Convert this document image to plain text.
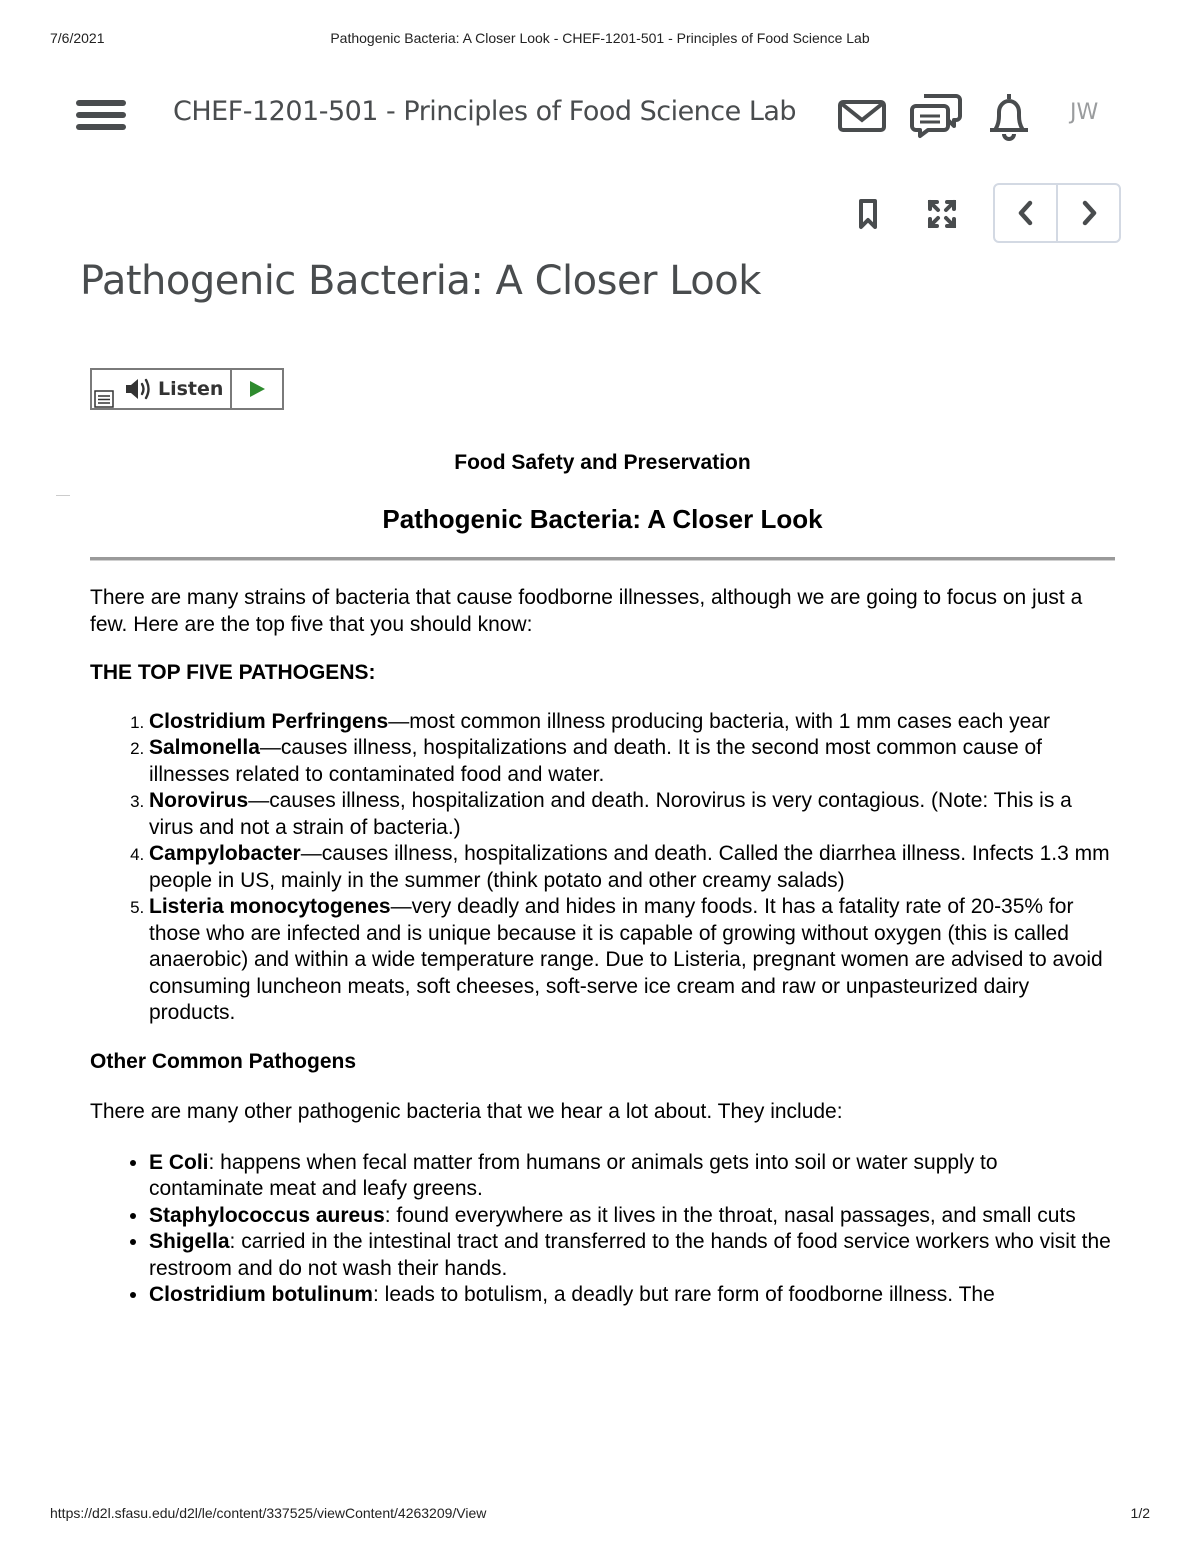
7/6/2021	Pathogenic Bacteria: A Closer Look - CHEF-1201-501 - Principles of Food Science Lab
CHEF-1201-501 - Principles of Food Science Lab	JW
Pathogenic Bacteria: A Closer Look
Listen

Food Safety and Preservation

Pathogenic Bacteria: A Closer Look

There are many strains of bacteria that cause foodborne illnesses, although we are going to focus on just a few. Here are the top five that you should know:

THE TOP FIVE PATHOGENS:

1. Clostridium Perfringens—most common illness producing bacteria, with 1 mm cases each year
2. Salmonella—causes illness, hospitalizations and death. It is the second most common cause of illnesses related to contaminated food and water.
3. Norovirus—causes illness, hospitalization and death. Norovirus is very contagious. (Note: This is a virus and not a strain of bacteria.)
4. Campylobacter—causes illness, hospitalizations and death. Called the diarrhea illness. Infects 1.3 mm people in US, mainly in the summer (think potato and other creamy salads)
5. Listeria monocytogenes—very deadly and hides in many foods. It has a fatality rate of 20-35% for those who are infected and is unique because it is capable of growing without oxygen (this is called anaerobic) and within a wide temperature range. Due to Listeria, pregnant women are advised to avoid consuming luncheon meats, soft cheeses, soft-serve ice cream and raw or unpasteurized dairy products.

Other Common Pathogens

There are many other pathogenic bacteria that we hear a lot about. They include:

• E Coli: happens when fecal matter from humans or animals gets into soil or water supply to contaminate meat and leafy greens.
• Staphylococcus aureus: found everywhere as it lives in the throat, nasal passages, and small cuts
• Shigella: carried in the intestinal tract and transferred to the hands of food service workers who visit the restroom and do not wash their hands.
• Clostridium botulinum: leads to botulism, a deadly but rare form of foodborne illness. The
https://d2l.sfasu.edu/d2l/le/content/337525/viewContent/4263209/View	1/2
